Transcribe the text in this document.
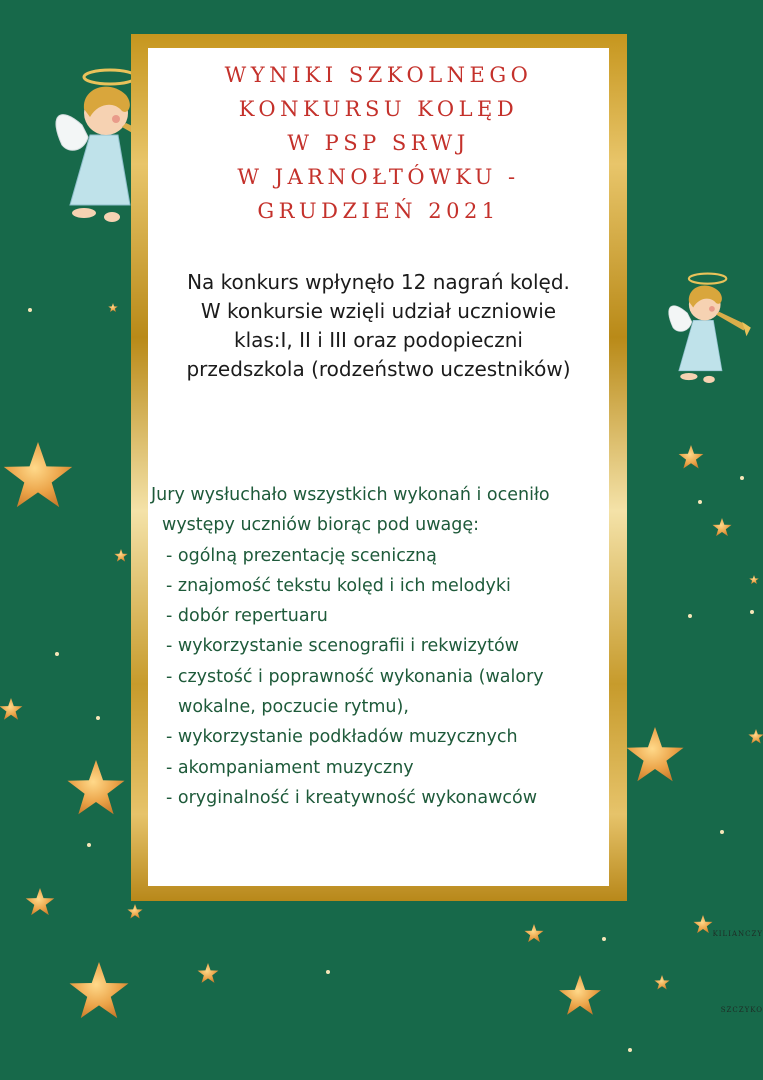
WYNIKI SZKOLNEGO
KONKURSU KOLĘD
W PSP SRWJ
W JARNOŁTÓWKU -
GRUDZIEŃ 2021
Na konkurs wpłynęło 12 nagrań kolęd.
W konkursie wzięli udział uczniowie
klas:I, II i III oraz podopieczni
przedszkola (rodzeństwo uczestników)
Jury wysłuchało wszystkich wykonań i oceniło
występy uczniów biorąc pod uwagę:
- ogólną prezentację sceniczną
- znajomość tekstu kolęd i ich melodyki
- dobór repertuaru
- wykorzystanie scenografii i rekwizytów
- czystość i poprawność wykonania (walory
wokalne, poczucie rytmu),
- wykorzystanie podkładów muzycznych
- akompaniament muzyczny
- oryginalność i kreatywność wykonawców
KILIANCZY
SZCZYKO
